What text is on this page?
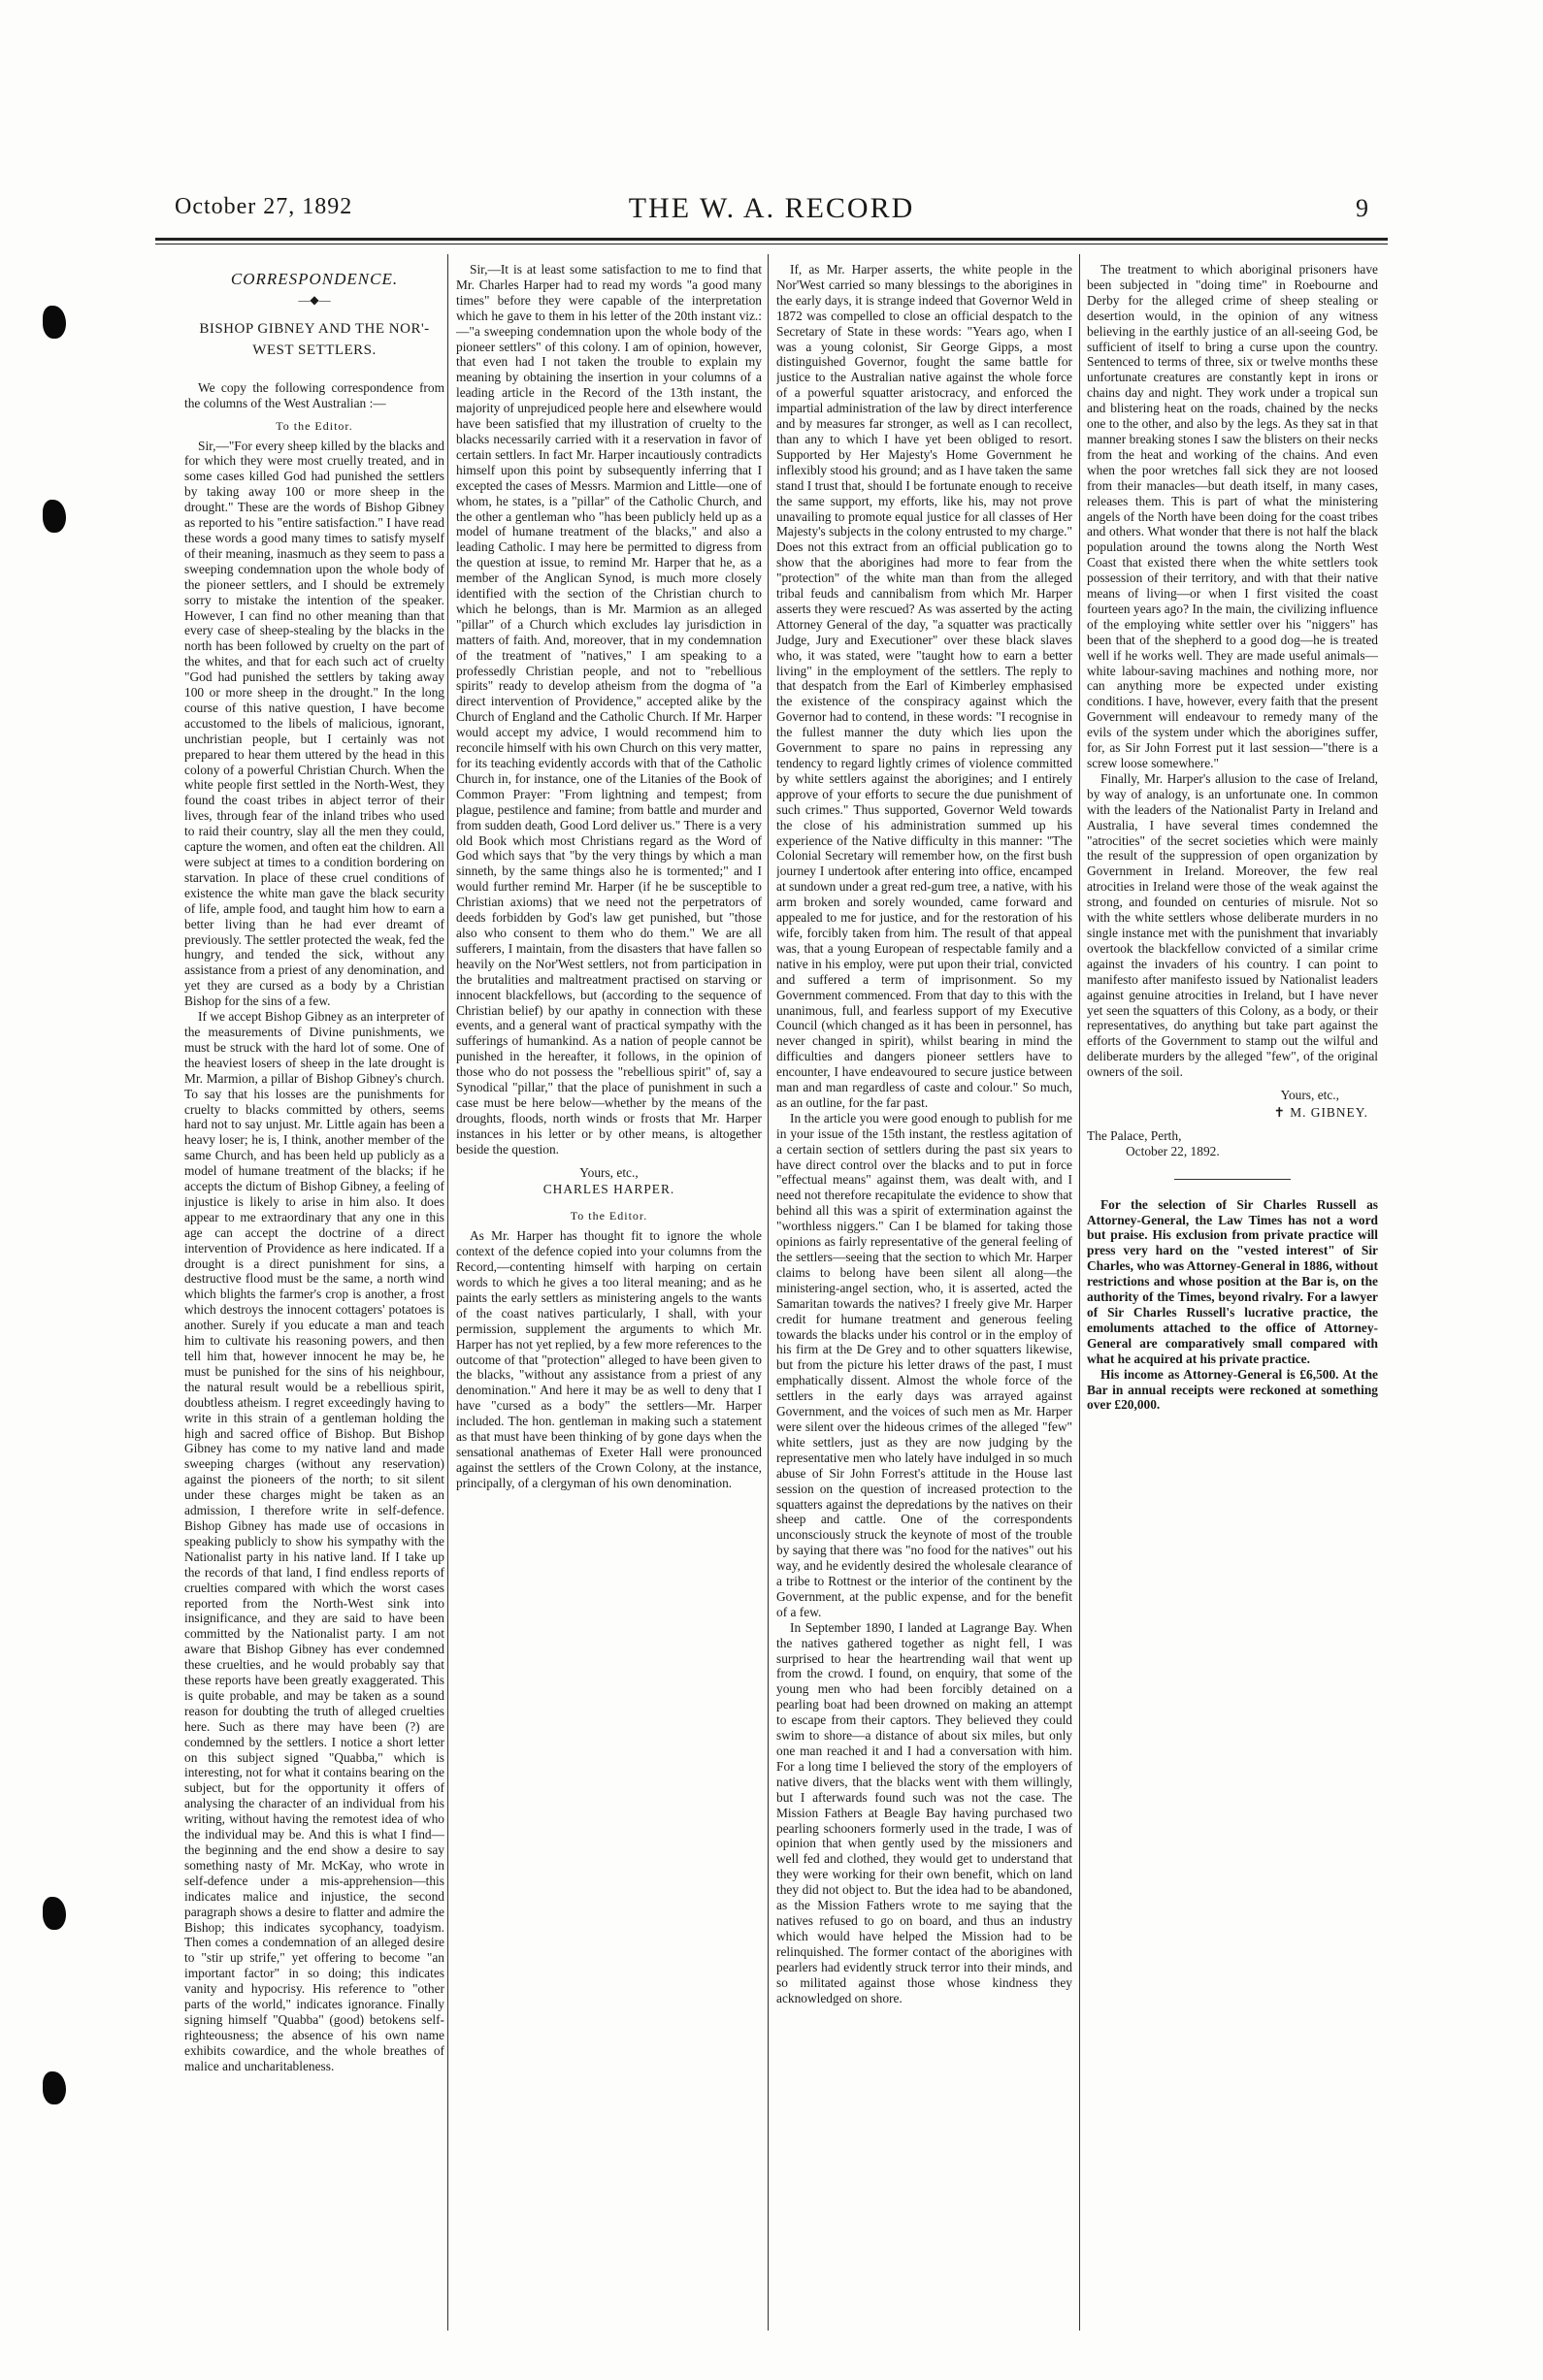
October 27, 1892	THE W. A. RECORD	9
CORRESPONDENCE.
―◆―
BISHOP GIBNEY AND THE NOR'-WEST SETTLERS.

We copy the following correspondence from the columns of the West Australian :—

To the Editor.

Sir,—"For every sheep killed by the blacks and for which they were most cruelly treated, and in some cases killed God had punished the settlers by taking away 100 or more sheep in the drought." These are the words of Bishop Gibney as reported to his "entire satisfaction." I have read these words a good many times to satisfy myself of their meaning, inasmuch as they seem to pass a sweeping condemnation upon the whole body of the pioneer settlers, and I should be extremely sorry to mistake the intention of the speaker. However, I can find no other meaning than that every case of sheep-stealing by the blacks in the north has been followed by cruelty on the part of the whites, and that for each such act of cruelty "God had punished the settlers by taking away 100 or more sheep in the drought." In the long course of this native question, I have become accustomed to the libels of malicious, ignorant, unchristian people, but I certainly was not prepared to hear them uttered by the head in this colony of a powerful Christian Church. When the white people first settled in the North-West, they found the coast tribes in abject terror of their lives, through fear of the inland tribes who used to raid their country, slay all the men they could, capture the women, and often eat the children. All were subject at times to a condition bordering on starvation. In place of these cruel conditions of existence the white man gave the black security of life, ample food, and taught him how to earn a better living than he had ever dreamt of previously. The settler protected the weak, fed the hungry, and tended the sick, without any assistance from a priest of any denomination, and yet they are cursed as a body by a Christian Bishop for the sins of a few.

If we accept Bishop Gibney as an interpreter of the measurements of Divine punishments, we must be struck with the hard lot of some. One of the heaviest losers of sheep in the late drought is Mr. Marmion, a pillar of Bishop Gibney's church. To say that his losses are the punishments for cruelty to blacks committed by others, seems hard not to say unjust. Mr. Little again has been a heavy loser; he is, I think, another member of the same Church, and has been held up publicly as a model of humane treatment of the blacks; if he accepts the dictum of Bishop Gibney, a feeling of injustice is likely to arise in him also. It does appear to me extraordinary that any one in this age can accept the doctrine of a direct intervention of Providence as here indicated. If a drought is a direct punishment for sins, a destructive flood must be the same, a north wind which blights the farmer's crop is another, a frost which destroys the innocent cottagers' potatoes is another. Surely if you educate a man and teach him to cultivate his reasoning powers, and then tell him that, however innocent he may be, he must be punished for the sins of his neighbour, the natural result would be a rebellious spirit, doubtless atheism. I regret exceedingly having to write in this strain of a gentleman holding the high and sacred office of Bishop. But Bishop Gibney has come to my native land and made sweeping charges (without any reservation) against the pioneers of the north; to sit silent under these charges might be taken as an admission, I therefore write in self-defence. Bishop Gibney has made use of occasions in speaking publicly to show his sympathy with the Nationalist party in his native land. If I take up the records of that land, I find endless reports of cruelties compared with which the worst cases reported from the North-West sink into insignificance, and they are said to have been committed by the Nationalist party. I am not aware that Bishop Gibney has ever condemned these cruelties, and he would probably say that these reports have been greatly exaggerated. This is quite probable, and may be taken as a sound reason for doubting the truth of alleged cruelties here. Such as there may have been (?) are condemned by the settlers. I notice a short letter on this subject signed "Quabba," which is interesting, not for what it contains bearing on the subject, but for the opportunity it offers of analysing the character of an individual from his writing, without having the remotest idea of who the individual may be. And this is what I find—the beginning and the end show a desire to say something nasty of Mr. McKay, who wrote in self-defence under a mis-apprehension—this indicates malice and injustice, the second paragraph shows a desire to flatter and admire the Bishop; this indicates sycophancy, toadyism. Then comes a condemnation of an alleged desire to "stir up strife," yet offering to become "an important factor" in so doing; this indicates vanity and hypocrisy. His reference to "other parts of the world," indicates ignorance. Finally signing himself "Quabba" (good) betokens self-righteousness; the absence of his own name exhibits cowardice, and the whole breathes of malice and uncharitableness.

Sir,—It is at least some satisfaction to me to find that Mr. Charles Harper had to read my words "a good many times" before they were capable of the interpretation which he gave to them in his letter of the 20th instant viz.:—"a sweeping condemnation upon the whole body of the pioneer settlers" of this colony. I am of opinion, however, that even had I not taken the trouble to explain my meaning by obtaining the insertion in your columns of a leading article in the Record of the 13th instant, the majority of unprejudiced people here and elsewhere would have been satisfied that my illustration of cruelty to the blacks necessarily carried with it a reservation in favor of certain settlers. In fact Mr. Harper incautiously contradicts himself upon this point by subsequently inferring that I excepted the cases of Messrs. Marmion and Little—one of whom, he states, is a "pillar" of the Catholic Church, and the other a gentleman who "has been publicly held up as a model of humane treatment of the blacks," and also a leading Catholic. I may here be permitted to digress from the question at issue, to remind Mr. Harper that he, as a member of the Anglican Synod, is much more closely identified with the section of the Christian church to which he belongs, than is Mr. Marmion as an alleged "pillar" of a Church which excludes lay jurisdiction in matters of faith. And, moreover, that in my condemnation of the treatment of "natives," I am speaking to a professedly Christian people, and not to "rebellious spirits" ready to develop atheism from the dogma of "a direct intervention of Providence," accepted alike by the Church of England and the Catholic Church. If Mr. Harper would accept my advice, I would recommend him to reconcile himself with his own Church on this very matter, for its teaching evidently accords with that of the Catholic Church in, for instance, one of the Litanies of the Book of Common Prayer: "From lightning and tempest; from plague, pestilence and famine; from battle and murder and from sudden death, Good Lord deliver us." There is a very old Book which most Christians regard as the Word of God which says that "by the very things by which a man sinneth, by the same things also he is tormented;" and I would further remind Mr. Harper (if he be susceptible to Christian axioms) that we need not the perpetrators of deeds forbidden by God's law get punished, but "those also who consent to them who do them." We are all sufferers, I maintain, from the disasters that have fallen so heavily on the Nor'West settlers, not from participation in the brutalities and maltreatment practised on starving or innocent blackfellows, but (according to the sequence of Christian belief) by our apathy in connection with these events, and a general want of practical sympathy with the sufferings of humankind. As a nation of people cannot be punished in the hereafter, it follows, in the opinion of those who do not possess the "rebellious spirit" of, say a Synodical "pillar," that the place of punishment in such a case must be here below—whether by the means of the droughts, floods, north winds or frosts that Mr. Harper instances in his letter or by other means, is altogether beside the question.

Yours, etc.,
CHARLES HARPER.
To the Editor.

As Mr. Harper has thought fit to ignore the whole context of the defence copied into your columns from the Record,—contenting himself with harping on certain words to which he gives a too literal meaning; and as he paints the early settlers as ministering angels to the wants of the coast natives particularly, I shall, with your permission, supplement the arguments to which Mr. Harper has not yet replied, by a few more references to the outcome of that "protection" alleged to have been given to the blacks, "without any assistance from a priest of any denomination." And here it may be as well to deny that I have "cursed as a body" the settlers—Mr. Harper included. The hon. gentleman in making such a statement as that must have been thinking of by gone days when the sensational anathemas of Exeter Hall were pronounced against the settlers of the Crown Colony, at the instance, principally, of a clergyman of his own denomination.

If, as Mr. Harper asserts, the white people in the Nor'West carried so many blessings to the aborigines in the early days, it is strange indeed that Governor Weld in 1872 was compelled to close an official despatch to the Secretary of State in these words: "Years ago, when I was a young colonist, Sir George Gipps, a most distinguished Governor, fought the same battle for justice to the Australian native against the whole force of a powerful squatter aristocracy, and enforced the impartial administration of the law by direct interference and by measures far stronger, as well as I can recollect, than any to which I have yet been obliged to resort. Supported by Her Majesty's Home Government he inflexibly stood his ground; and as I have taken the same stand I trust that, should I be fortunate enough to receive the same support, my efforts, like his, may not prove unavailing to promote equal justice for all classes of Her Majesty's subjects in the colony entrusted to my charge." Does not this extract from an official publication go to show that the aborigines had more to fear from the "protection" of the white man than from the alleged tribal feuds and cannibalism from which Mr. Harper asserts they were rescued? As was asserted by the acting Attorney General of the day, "a squatter was practically Judge, Jury and Executioner" over these black slaves who, it was stated, were "taught how to earn a better living" in the employment of the settlers. The reply to that despatch from the Earl of Kimberley emphasised the existence of the conspiracy against which the Governor had to contend, in these words: "I recognise in the fullest manner the duty which lies upon the Government to spare no pains in repressing any tendency to regard lightly crimes of violence committed by white settlers against the aborigines; and I entirely approve of your efforts to secure the due punishment of such crimes." Thus supported, Governor Weld towards the close of his administration summed up his experience of the Native difficulty in this manner: "The Colonial Secretary will remember how, on the first bush journey I undertook after entering into office, encamped at sundown under a great red-gum tree, a native, with his arm broken and sorely wounded, came forward and appealed to me for justice, and for the restoration of his wife, forcibly taken from him. The result of that appeal was, that a young European of respectable family and a native in his employ, were put upon their trial, convicted and suffered a term of imprisonment. So my Government commenced. From that day to this with the unanimous, full, and fearless support of my Executive Council (which changed as it has been in personnel, has never changed in spirit), whilst bearing in mind the difficulties and dangers pioneer settlers have to encounter, I have endeavoured to secure justice between man and man regardless of caste and colour." So much, as an outline, for the far past.

In the article you were good enough to publish for me in your issue of the 15th instant, the restless agitation of a certain section of settlers during the past six years to have direct control over the blacks and to put in force "effectual means" against them, was dealt with, and I need not therefore recapitulate the evidence to show that behind all this was a spirit of extermination against the "worthless niggers." Can I be blamed for taking those opinions as fairly representative of the general feeling of the settlers—seeing that the section to which Mr. Harper claims to belong have been silent all along—the ministering-angel section, who, it is asserted, acted the Samaritan towards the natives? I freely give Mr. Harper credit for humane treatment and generous feeling towards the blacks under his control or in the employ of his firm at the De Grey and to other squatters likewise, but from the picture his letter draws of the past, I must emphatically dissent. Almost the whole force of the settlers in the early days was arrayed against Government, and the voices of such men as Mr. Harper were silent over the hideous crimes of the alleged "few" white settlers, just as they are now judging by the representative men who lately have indulged in so much abuse of Sir John Forrest's attitude in the House last session on the question of increased protection to the squatters against the depredations by the natives on their sheep and cattle. One of the correspondents unconsciously struck the keynote of most of the trouble by saying that there was "no food for the natives" out his way, and he evidently desired the wholesale clearance of a tribe to Rottnest or the interior of the continent by the Government, at the public expense, and for the benefit of a few.

In September 1890, I landed at Lagrange Bay. When the natives gathered together as night fell, I was surprised to hear the heartrending wail that went up from the crowd. I found, on enquiry, that some of the young men who had been forcibly detained on a pearling boat had been drowned on making an attempt to escape from their captors. They believed they could swim to shore—a distance of about six miles, but only one man reached it and I had a conversation with him. For a long time I believed the story of the employers of native divers, that the blacks went with them willingly, but I afterwards found such was not the case. The Mission Fathers at Beagle Bay having purchased two pearling schooners formerly used in the trade, I was of opinion that when gently used by the missioners and well fed and clothed, they would get to understand that they were working for their own benefit, which on land they did not object to. But the idea had to be abandoned, as the Mission Fathers wrote to me saying that the natives refused to go on board, and thus an industry which would have helped the Mission had to be relinquished. The former contact of the aborigines with pearlers had evidently struck terror into their minds, and so militated against those whose kindness they acknowledged on shore.

The treatment to which aboriginal prisoners have been subjected in "doing time" in Roebourne and Derby for the alleged crime of sheep stealing or desertion would, in the opinion of any witness believing in the earthly justice of an all-seeing God, be sufficient of itself to bring a curse upon the country. Sentenced to terms of three, six or twelve months these unfortunate creatures are constantly kept in irons or chains day and night. They work under a tropical sun and blistering heat on the roads, chained by the necks one to the other, and also by the legs. As they sat in that manner breaking stones I saw the blisters on their necks from the heat and working of the chains. And even when the poor wretches fall sick they are not loosed from their manacles—but death itself, in many cases, releases them. This is part of what the ministering angels of the North have been doing for the coast tribes and others. What wonder that there is not half the black population around the towns along the North West Coast that existed there when the white settlers took possession of their territory, and with that their native means of living—or when I first visited the coast fourteen years ago? In the main, the civilizing influence of the employing white settler over his "niggers" has been that of the shepherd to a good dog—he is treated well if he works well. They are made useful animals—white labour-saving machines and nothing more, nor can anything more be expected under existing conditions. I have, however, every faith that the present Government will endeavour to remedy many of the evils of the system under which the aborigines suffer, for, as Sir John Forrest put it last session—"there is a screw loose somewhere."

Finally, Mr. Harper's allusion to the case of Ireland, by way of analogy, is an unfortunate one. In common with the leaders of the Nationalist Party in Ireland and Australia, I have several times condemned the "atrocities" of the secret societies which were mainly the result of the suppression of open organization by Government in Ireland. Moreover, the few real atrocities in Ireland were those of the weak against the strong, and founded on centuries of misrule. Not so with the white settlers whose deliberate murders in no single instance met with the punishment that invariably overtook the blackfellow convicted of a similar crime against the invaders of his country. I can point to manifesto after manifesto issued by Nationalist leaders against genuine atrocities in Ireland, but I have never yet seen the squatters of this Colony, as a body, or their representatives, do anything but take part against the efforts of the Government to stamp out the wilful and deliberate murders by the alleged "few", of the original owners of the soil.

Yours, etc.,
✝ M. GIBNEY.

The Palace, Perth,

October 22, 1892.

For the selection of Sir Charles Russell as Attorney-General, the Law Times has not a word but praise. His exclusion from private practice will press very hard on the "vested interest" of Sir Charles, who was Attorney-General in 1886, without restrictions and whose position at the Bar is, on the authority of the Times, beyond rivalry. For a lawyer of Sir Charles Russell's lucrative practice, the emoluments attached to the office of Attorney-General are comparatively small compared with what he acquired at his private practice.

His income as Attorney-General is £6,500. At the Bar in annual receipts were reckoned at something over £20,000.
